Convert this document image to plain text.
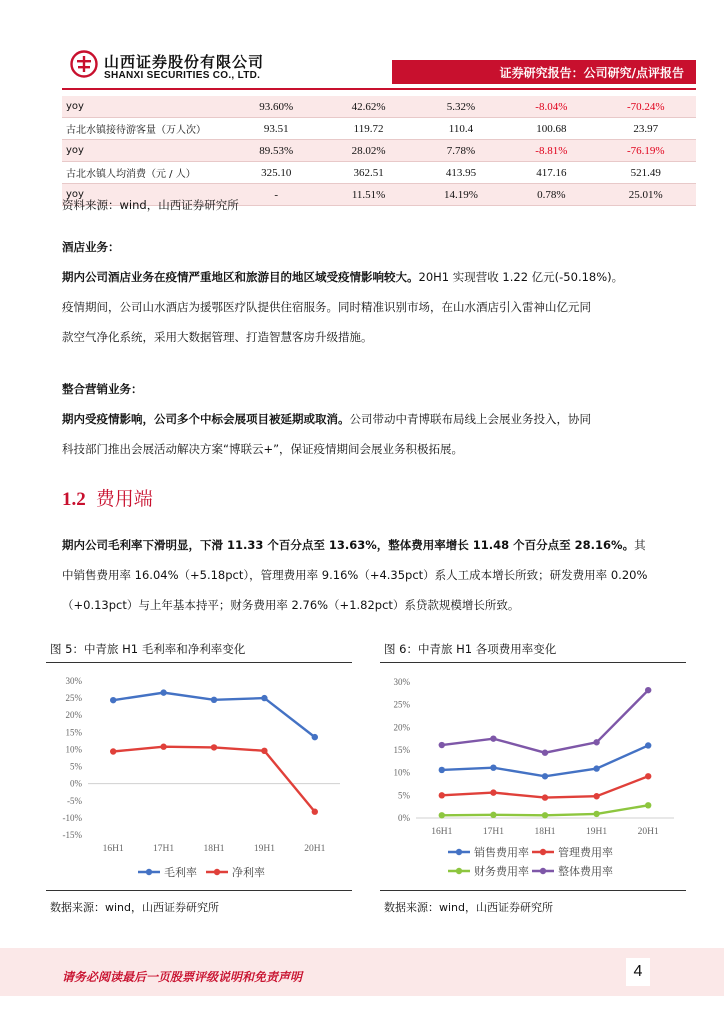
山西证券股份有限公司
SHANXI SECURITIES CO., LTD.	证券研究报告：公司研究/点评报告
yoy	93.60%	42.62%	5.32%	-8.04%	-70.24%
古北水镇接待游客量（万人次）	93.51	119.72	110.4	100.68	23.97
yoy	89.53%	28.02%	7.78%	-8.81%	-76.19%
古北水镇人均消费（元 / 人）	325.10	362.51	413.95	417.16	521.49
yoy	-	11.51%	14.19%	0.78%	25.01%
资料来源：wind，山西证券研究所
酒店业务：
期内公司酒店业务在疫情严重地区和旅游目的地区域受疫情影响较大。20H1 实现营收 1.22 亿元(-50.18%)。
疫情期间，公司山水酒店为援鄂医疗队提供住宿服务。同时精准识别市场，在山水酒店引入雷神山亿元同
款空气净化系统，采用大数据管理、打造智慧客房升级措施。
整合营销业务：
期内受疫情影响，公司多个中标会展项目被延期或取消。公司带动中青博联布局线上会展业务投入，协同
科技部门推出会展活动解决方案“博联云+”，保证疫情期间会展业务积极拓展。
1.2 费用端
期内公司毛利率下滑明显，下滑 11.33 个百分点至 13.63%，整体费用率增长 11.48 个百分点至 28.16%。其
中销售费用率 16.04%（+5.18pct），管理费用率 9.16%（+4.35pct）系人工成本增长所致；研发费用率 0.20%
（+0.13pct）与上年基本持平；财务费用率 2.76%（+1.82pct）系贷款规模增长所致。
图 5：中青旅 H1 毛利率和净利率变化	图 6：中青旅 H1 各项费用率变化
30%
25%
20%
15%
10%
5%
0%
-5%
-10%
-15%
16H1	17H1	18H1	19H1	20H1
毛利率	净利率
30%
25%
20%
15%
10%
5%
0%
16H1	17H1	18H1	19H1	20H1
销售费用率	管理费用率
财务费用率	整体费用率
数据来源：wind，山西证券研究所	数据来源：wind，山西证券研究所
请务必阅读最后一页股票评级说明和免责声明	4
